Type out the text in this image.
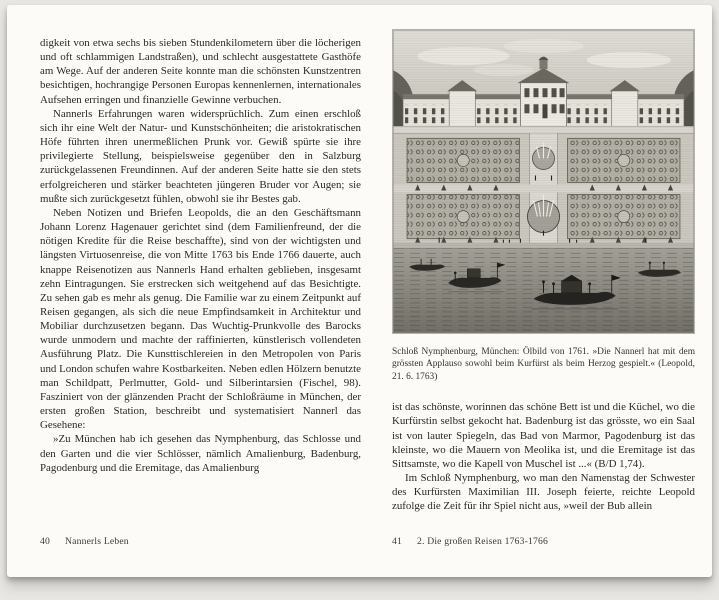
digkeit von etwa sechs bis sieben Stundenkilometern über die löcherigen und oft schlammigen Landstraßen), und schlecht ausgestattete Gasthöfe am Wege. Auf der anderen Seite konnte man die schönsten Kunstzentren besichtigen, hochrangige Personen Europas kennenlernen, internationales Aufsehen erringen und finanzielle Gewinne verbuchen.

Nannerls Erfahrungen waren widersprüchlich. Zum einen erschloß sich ihr eine Welt der Natur- und Kunstschönheiten; die aristokratischen Höfe führten ihren unermeßlichen Prunk vor. Gewiß spürte sie ihre privilegierte Stellung, beispielsweise gegenüber den in Salzburg zurückgelassenen Freundinnen. Auf der anderen Seite hatte sie den stets erfolgreicheren und stärker beachteten jüngeren Bruder vor Augen; sie mußte sich zurückgesetzt fühlen, obwohl sie ihr Bestes gab.

Neben Notizen und Briefen Leopolds, die an den Geschäftsmann Johann Lorenz Hagenauer gerichtet sind (dem Familienfreund, der die nötigen Kredite für die Reise beschaffte), sind von der wichtigsten und längsten Virtuosenreise, die von Mitte 1763 bis Ende 1766 dauerte, auch knappe Reisenotizen aus Nannerls Hand erhalten geblieben, insgesamt zehn Eintragungen. Sie erstrecken sich weitgehend auf das Besichtigte. Zu sehen gab es mehr als genug. Die Familie war zu einem Zeitpunkt auf Reisen gegangen, als sich die neue Empfindsamkeit in Architektur und Mobiliar durchzusetzen begann. Das Wuchtig-Prunkvolle des Barocks wurde unmodern und machte der raffinierten, künstlerisch vollendeten Ausführung Platz. Die Kunsttischlereien in den Metropolen von Paris und London schufen wahre Kostbarkeiten. Neben edlen Hölzern benutzte man Schildpatt, Perlmutter, Gold- und Silberintarsien (Fischel, 98). Fasziniert von der glänzenden Pracht der Schloßräume in München, der ersten großen Station, beschreibt und systematisiert Nannerl das Gesehene:

»Zu München hab ich gesehen das Nymphenburg, das Schlosse und den Garten und die vier Schlösser, nämlich Amalienburg, Badenburg, Pagodenburg und die Eremitage, das Amalienburg

40 Nannerls Leben
Schloß Nymphenburg, München: Ölbild von 1761. »Die Nannerl hat mit dem grössten Applauso sowohl beim Kurfürst als beim Herzog gespielt.« (Leopold, 21. 6. 1763)

ist das schönste, worinnen das schöne Bett ist und die Küchel, wo die Kurfürstin selbst gekocht hat. Badenburg ist das grösste, wo ein Saal ist von lauter Spiegeln, das Bad von Marmor, Pagodenburg ist das kleinste, wo die Mauern von Meolika ist, und die Eremitage ist das Sittsamste, wo die Kapell von Muschel ist ...« (B/D 1,74).

Im Schloß Nymphenburg, wo man den Namenstag der Schwester des Kurfürsten Maximilian III. Joseph feierte, reichte Leopold zufolge die Zeit für ihr Spiel nicht aus, »weil der Bub allein

41 2. Die großen Reisen 1763-1766
